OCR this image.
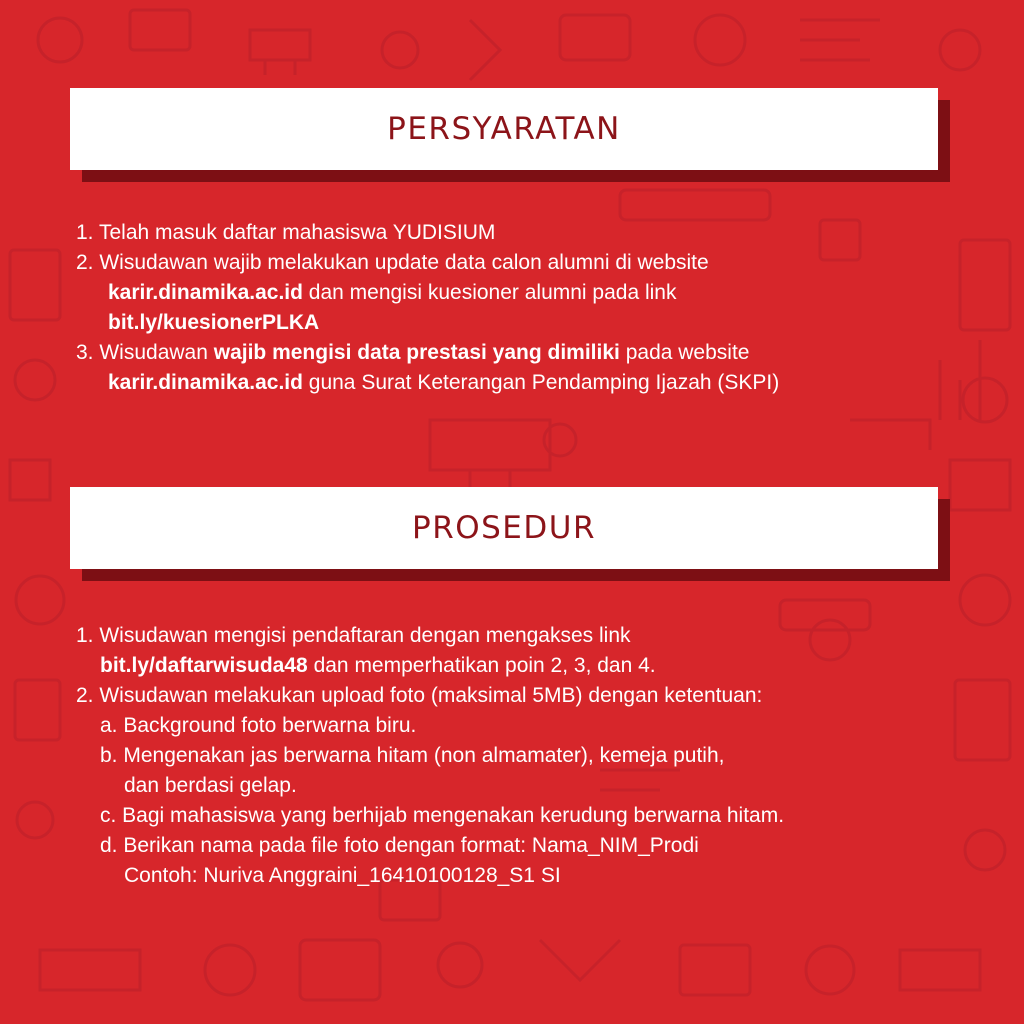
PERSYARATAN
1. Telah masuk daftar mahasiswa YUDISIUM
2. Wisudawan wajib melakukan update data calon alumni di website
karir.dinamika.ac.id dan mengisi kuesioner alumni pada link
bit.ly/kuesionerPLKA
3. Wisudawan wajib mengisi data prestasi yang dimiliki pada website
karir.dinamika.ac.id guna Surat Keterangan Pendamping Ijazah (SKPI)
PROSEDUR
1. Wisudawan mengisi pendaftaran dengan mengakses link
bit.ly/daftarwisuda48 dan memperhatikan poin 2, 3, dan 4.
2. Wisudawan melakukan upload foto (maksimal 5MB) dengan ketentuan:
a. Background foto berwarna biru.
b. Mengenakan jas berwarna hitam (non almamater), kemeja putih,
dan berdasi gelap.
c. Bagi mahasiswa yang berhijab mengenakan kerudung berwarna hitam.
d. Berikan nama pada file foto dengan format: Nama_NIM_Prodi
Contoh: Nuriva Anggraini_16410100128_S1 SI
